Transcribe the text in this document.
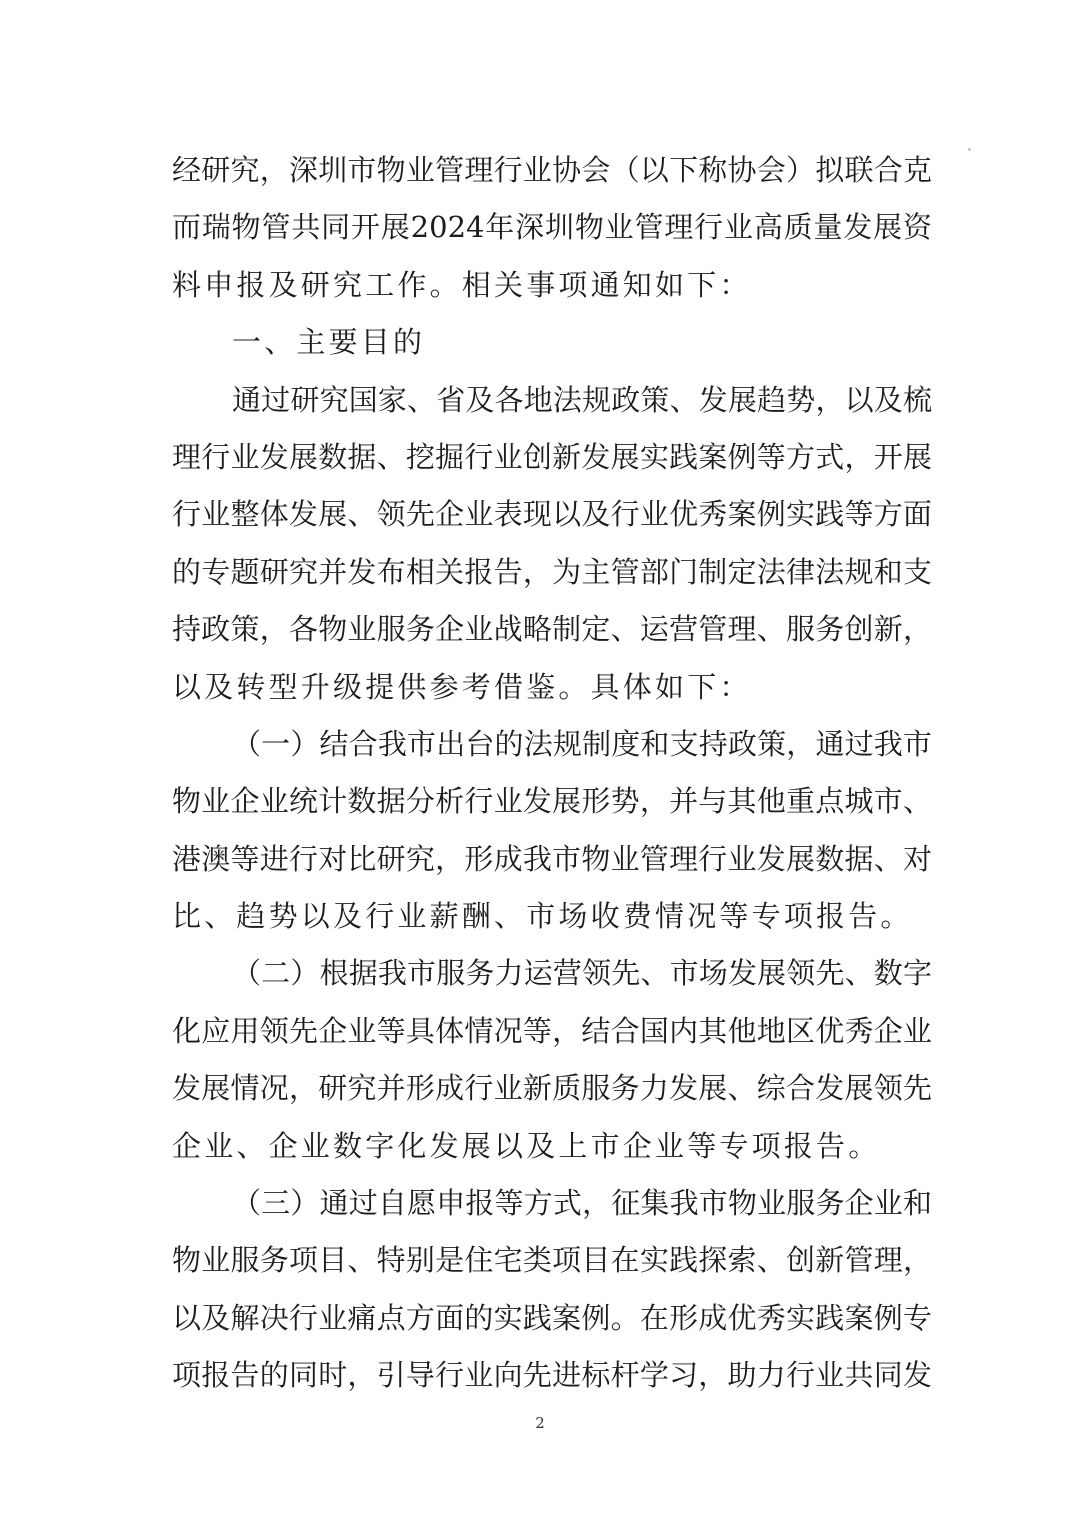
经研究，深圳市物业管理行业协会（以下称协会）拟联合克
而瑞物管共同开展2024年深圳物业管理行业高质量发展资
料申报及研究工作。相关事项通知如下：
一、主要目的
通过研究国家、省及各地法规政策、发展趋势，以及梳
理行业发展数据、挖掘行业创新发展实践案例等方式，开展
行业整体发展、领先企业表现以及行业优秀案例实践等方面
的专题研究并发布相关报告，为主管部门制定法律法规和支
持政策，各物业服务企业战略制定、运营管理、服务创新，
以及转型升级提供参考借鉴。具体如下：
（一）结合我市出台的法规制度和支持政策，通过我市
物业企业统计数据分析行业发展形势，并与其他重点城市、
港澳等进行对比研究，形成我市物业管理行业发展数据、对
比、趋势以及行业薪酬、市场收费情况等专项报告。
（二）根据我市服务力运营领先、市场发展领先、数字
化应用领先企业等具体情况等，结合国内其他地区优秀企业
发展情况，研究并形成行业新质服务力发展、综合发展领先
企业、企业数字化发展以及上市企业等专项报告。
（三）通过自愿申报等方式，征集我市物业服务企业和
物业服务项目、特别是住宅类项目在实践探索、创新管理，
以及解决行业痛点方面的实践案例。在形成优秀实践案例专
项报告的同时，引导行业向先进标杆学习，助力行业共同发
2
